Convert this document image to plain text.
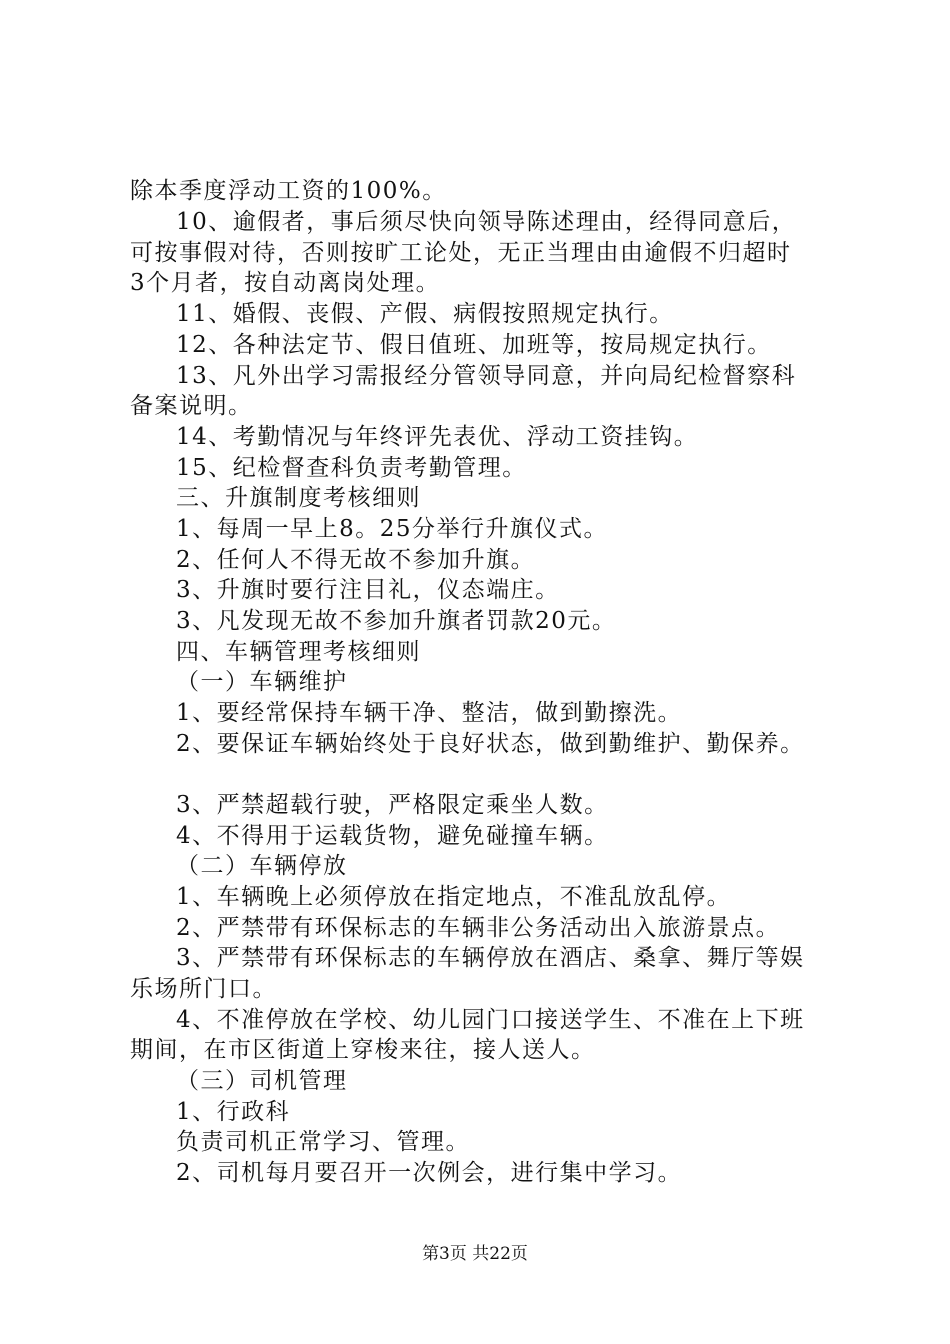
除本季度浮动工资的100%。
10、逾假者，事后须尽快向领导陈述理由，经得同意后，
可按事假对待，否则按旷工论处，无正当理由由逾假不归超时
3个月者，按自动离岗处理。
11、婚假、丧假、产假、病假按照规定执行。
12、各种法定节、假日值班、加班等，按局规定执行。
13、凡外出学习需报经分管领导同意，并向局纪检督察科
备案说明。
14、考勤情况与年终评先表优、浮动工资挂钩。
15、纪检督查科负责考勤管理。
三、升旗制度考核细则
1、每周一早上8。25分举行升旗仪式。
2、任何人不得无故不参加升旗。
3、升旗时要行注目礼，仪态端庄。
3、凡发现无故不参加升旗者罚款20元。
四、车辆管理考核细则
（一）车辆维护
1、要经常保持车辆干净、整洁，做到勤擦洗。
2、要保证车辆始终处于良好状态，做到勤维护、勤保养。
3、严禁超载行驶，严格限定乘坐人数。
4、不得用于运载货物，避免碰撞车辆。
（二）车辆停放
1、车辆晚上必须停放在指定地点，不准乱放乱停。
2、严禁带有环保标志的车辆非公务活动出入旅游景点。
3、严禁带有环保标志的车辆停放在酒店、桑拿、舞厅等娱
乐场所门口。
4、不准停放在学校、幼儿园门口接送学生、不准在上下班
期间，在市区街道上穿梭来往，接人送人。
（三）司机管理
1、行政科
负责司机正常学习、管理。
2、司机每月要召开一次例会，进行集中学习。
第3页 共22页
